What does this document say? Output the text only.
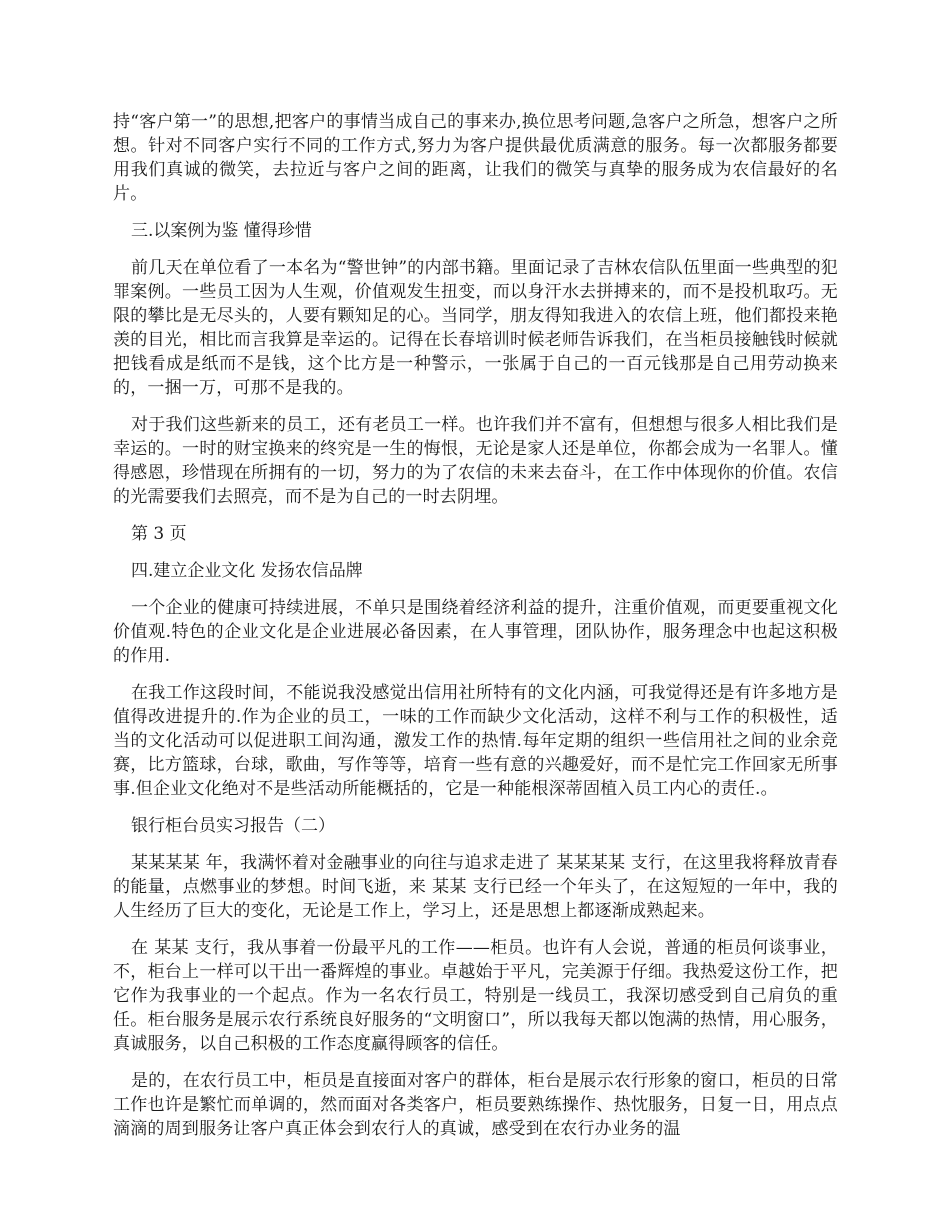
持“客户第一”的思想,把客户的事情当成自己的事来办,换位思考问题,急客户之所急，想客户之所想。针对不同客户实行不同的工作方式,努力为客户提供最优质满意的服务。每一次都服务都要用我们真诚的微笑，去拉近与客户之间的距离，让我们的微笑与真挚的服务成为农信最好的名片。

三.以案例为鉴 懂得珍惜

前几天在单位看了一本名为“警世钟”的内部书籍。里面记录了吉林农信队伍里面一些典型的犯罪案例。一些员工因为人生观，价值观发生扭变，而以身汗水去拼搏来的，而不是投机取巧。无限的攀比是无尽头的，人要有颗知足的心。当同学，朋友得知我进入的农信上班，他们都投来艳羡的目光，相比而言我算是幸运的。记得在长春培训时候老师告诉我们，在当柜员接触钱时候就把钱看成是纸而不是钱，这个比方是一种警示，一张属于自己的一百元钱那是自己用劳动换来的，一捆一万，可那不是我的。

对于我们这些新来的员工，还有老员工一样。也许我们并不富有，但想想与很多人相比我们是幸运的。一时的财宝换来的终究是一生的悔恨，无论是家人还是单位，你都会成为一名罪人。懂得感恩，珍惜现在所拥有的一切，努力的为了农信的未来去奋斗，在工作中体现你的价值。农信的光需要我们去照亮，而不是为自己的一时去阴埋。

第 3 页

四.建立企业文化 发扬农信品牌

一个企业的健康可持续进展，不单只是围绕着经济利益的提升，注重价值观，而更要重视文化价值观.特色的企业文化是企业进展必备因素，在人事管理，团队协作，服务理念中也起这积极的作用.

在我工作这段时间，不能说我没感觉出信用社所特有的文化内涵，可我觉得还是有许多地方是值得改进提升的.作为企业的员工，一味的工作而缺少文化活动，这样不利与工作的积极性，适当的文化活动可以促进职工间沟通，激发工作的热情.每年定期的组织一些信用社之间的业余竞赛，比方篮球，台球，歌曲，写作等等，培育一些有意的兴趣爱好，而不是忙完工作回家无所事事.但企业文化绝对不是些活动所能概括的，它是一种能根深蒂固植入员工内心的责任.。

银行柜台员实习报告（二）

某某某某 年，我满怀着对金融事业的向往与追求走进了 某某某某 支行，在这里我将释放青春的能量，点燃事业的梦想。时间飞逝，来 某某 支行已经一个年头了，在这短短的一年中，我的人生经历了巨大的变化，无论是工作上，学习上，还是思想上都逐渐成熟起来。

在 某某 支行，我从事着一份最平凡的工作——柜员。也许有人会说，普通的柜员何谈事业，不，柜台上一样可以干出一番辉煌的事业。卓越始于平凡，完美源于仔细。我热爱这份工作，把它作为我事业的一个起点。作为一名农行员工，特别是一线员工，我深切感受到自己肩负的重任。柜台服务是展示农行系统良好服务的“文明窗口”，所以我每天都以饱满的热情，用心服务，真诚服务，以自己积极的工作态度赢得顾客的信任。

是的，在农行员工中，柜员是直接面对客户的群体，柜台是展示农行形象的窗口，柜员的日常工作也许是繁忙而单调的，然而面对各类客户，柜员要熟练操作、热忱服务，日复一日，用点点滴滴的周到服务让客户真正体会到农行人的真诚，感受到在农行办业务的温
